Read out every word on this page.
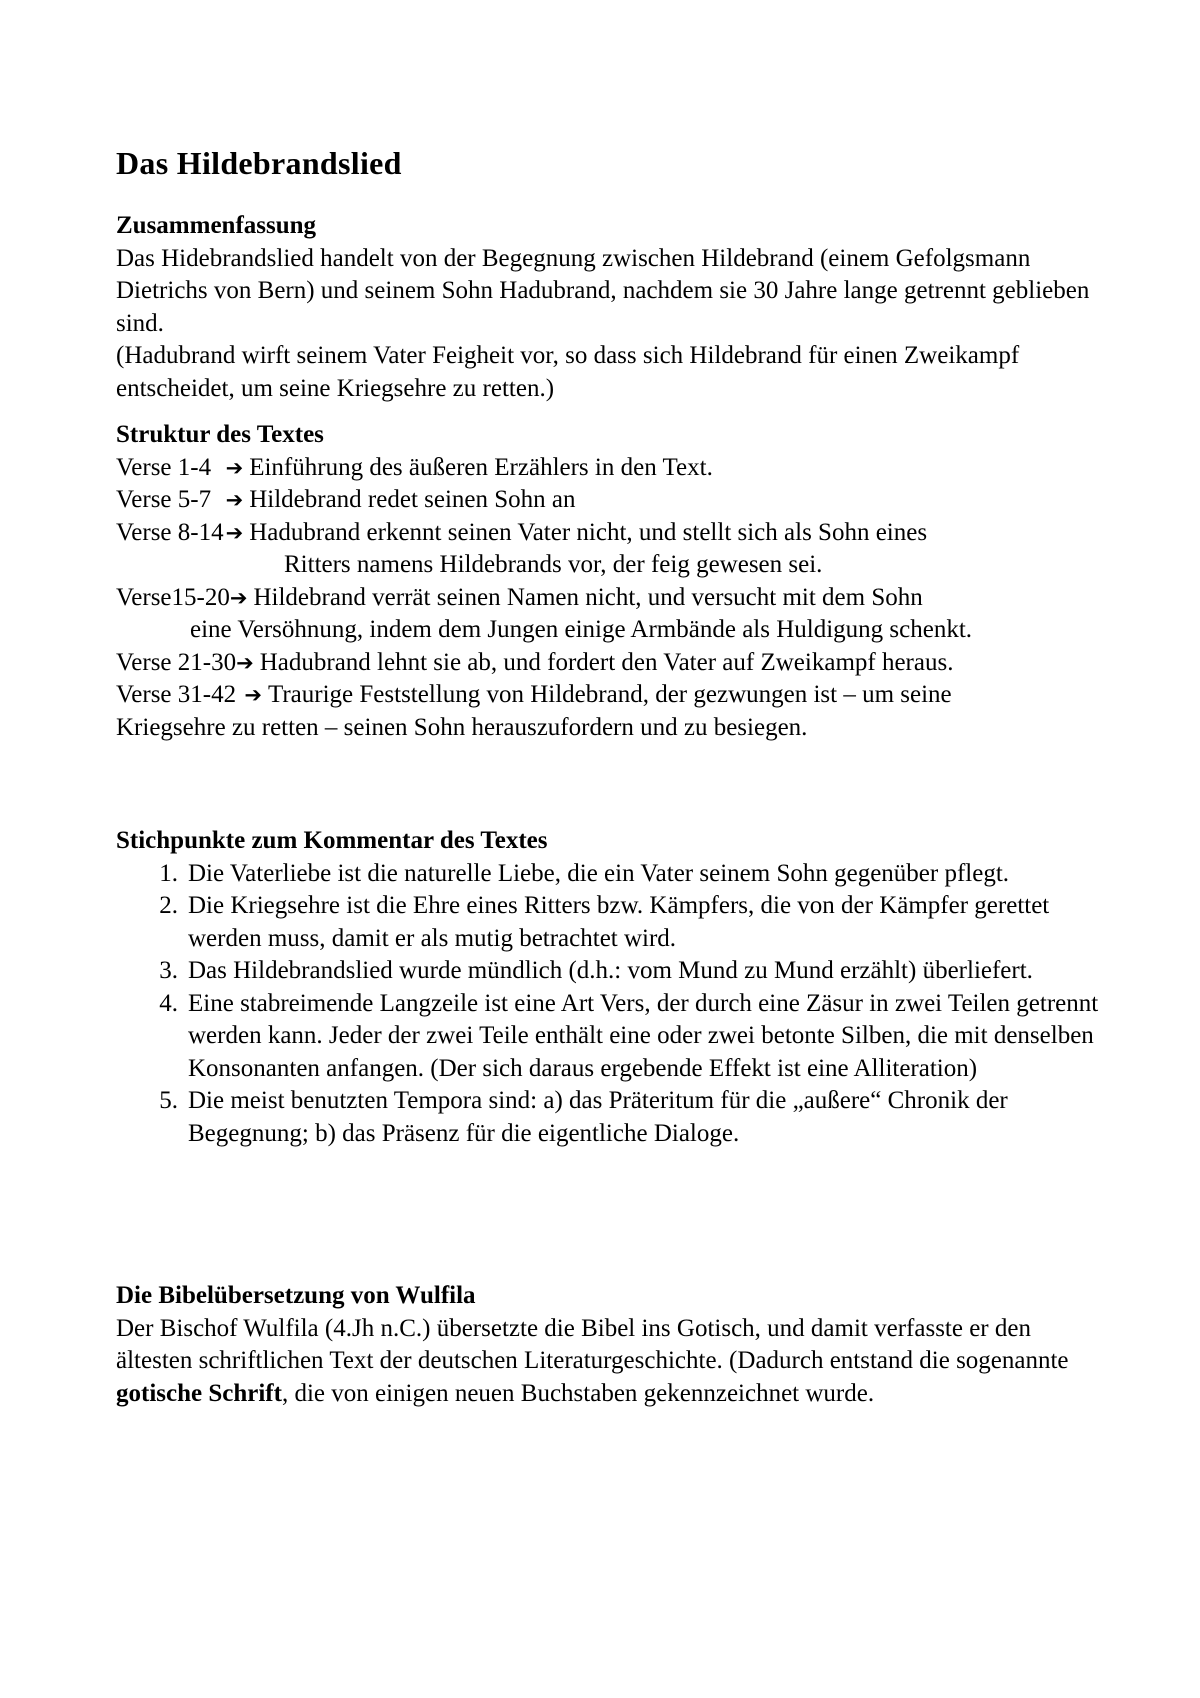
Das Hildebrandslied
Zusammenfassung

Das Hidebrandslied handelt von der Begegnung zwischen Hildebrand (einem Gefolgsmann Dietrichs von Bern) und seinem Sohn Hadubrand, nachdem sie 30 Jahre lange getrennt geblieben sind.

(Hadubrand wirft seinem Vater Feigheit vor, so dass sich Hildebrand für einen Zweikampf entscheidet, um seine Kriegsehre zu retten.)

Struktur des Textes
Verse 1-4 ➔ Einführung des äußeren Erzählers in den Text.
Verse 5-7 ➔ Hildebrand redet seinen Sohn an
Verse 8-14 ➔ Hadubrand erkennt seinen Vater nicht, und stellt sich als Sohn eines
Ritters namens Hildebrands vor, der feig gewesen sei.
Verse15-20 ➔ Hildebrand verrät seinen Namen nicht, und versucht mit dem Sohn
eine Versöhnung, indem dem Jungen einige Armbände als Huldigung schenkt.
Verse 21-30 ➔ Hadubrand lehnt sie ab, und fordert den Vater auf Zweikampf heraus.
Verse 31-42 ➔ Traurige Feststellung von Hildebrand, der gezwungen ist – um seine
Kriegsehre zu retten – seinen Sohn herauszufordern und zu besiegen.
Stichpunkte zum Kommentar des Textes
1. Die Vaterliebe ist die naturelle Liebe, die ein Vater seinem Sohn gegenüber pflegt.
2. Die Kriegsehre ist die Ehre eines Ritters bzw. Kämpfers, die von der Kämpfer gerettet werden muss, damit er als mutig betrachtet wird.
3. Das Hildebrandslied wurde mündlich (d.h.: vom Mund zu Mund erzählt) überliefert.
4. Eine stabreimende Langzeile ist eine Art Vers, der durch eine Zäsur in zwei Teilen getrennt werden kann. Jeder der zwei Teile enthält eine oder zwei betonte Silben, die mit denselben Konsonanten anfangen. (Der sich daraus ergebende Effekt ist eine Alliteration)
5. Die meist benutzten Tempora sind: a) das Präteritum für die „außere“ Chronik der Begegnung; b) das Präsenz für die eigentliche Dialoge.
Die Bibelübersetzung von Wulfila

Der Bischof Wulfila (4.Jh n.C.) übersetzte die Bibel ins Gotisch, und damit verfasste er den ältesten schriftlichen Text der deutschen Literaturgeschichte. (Dadurch entstand die sogenannte gotische Schrift, die von einigen neuen Buchstaben gekennzeichnet wurde.
